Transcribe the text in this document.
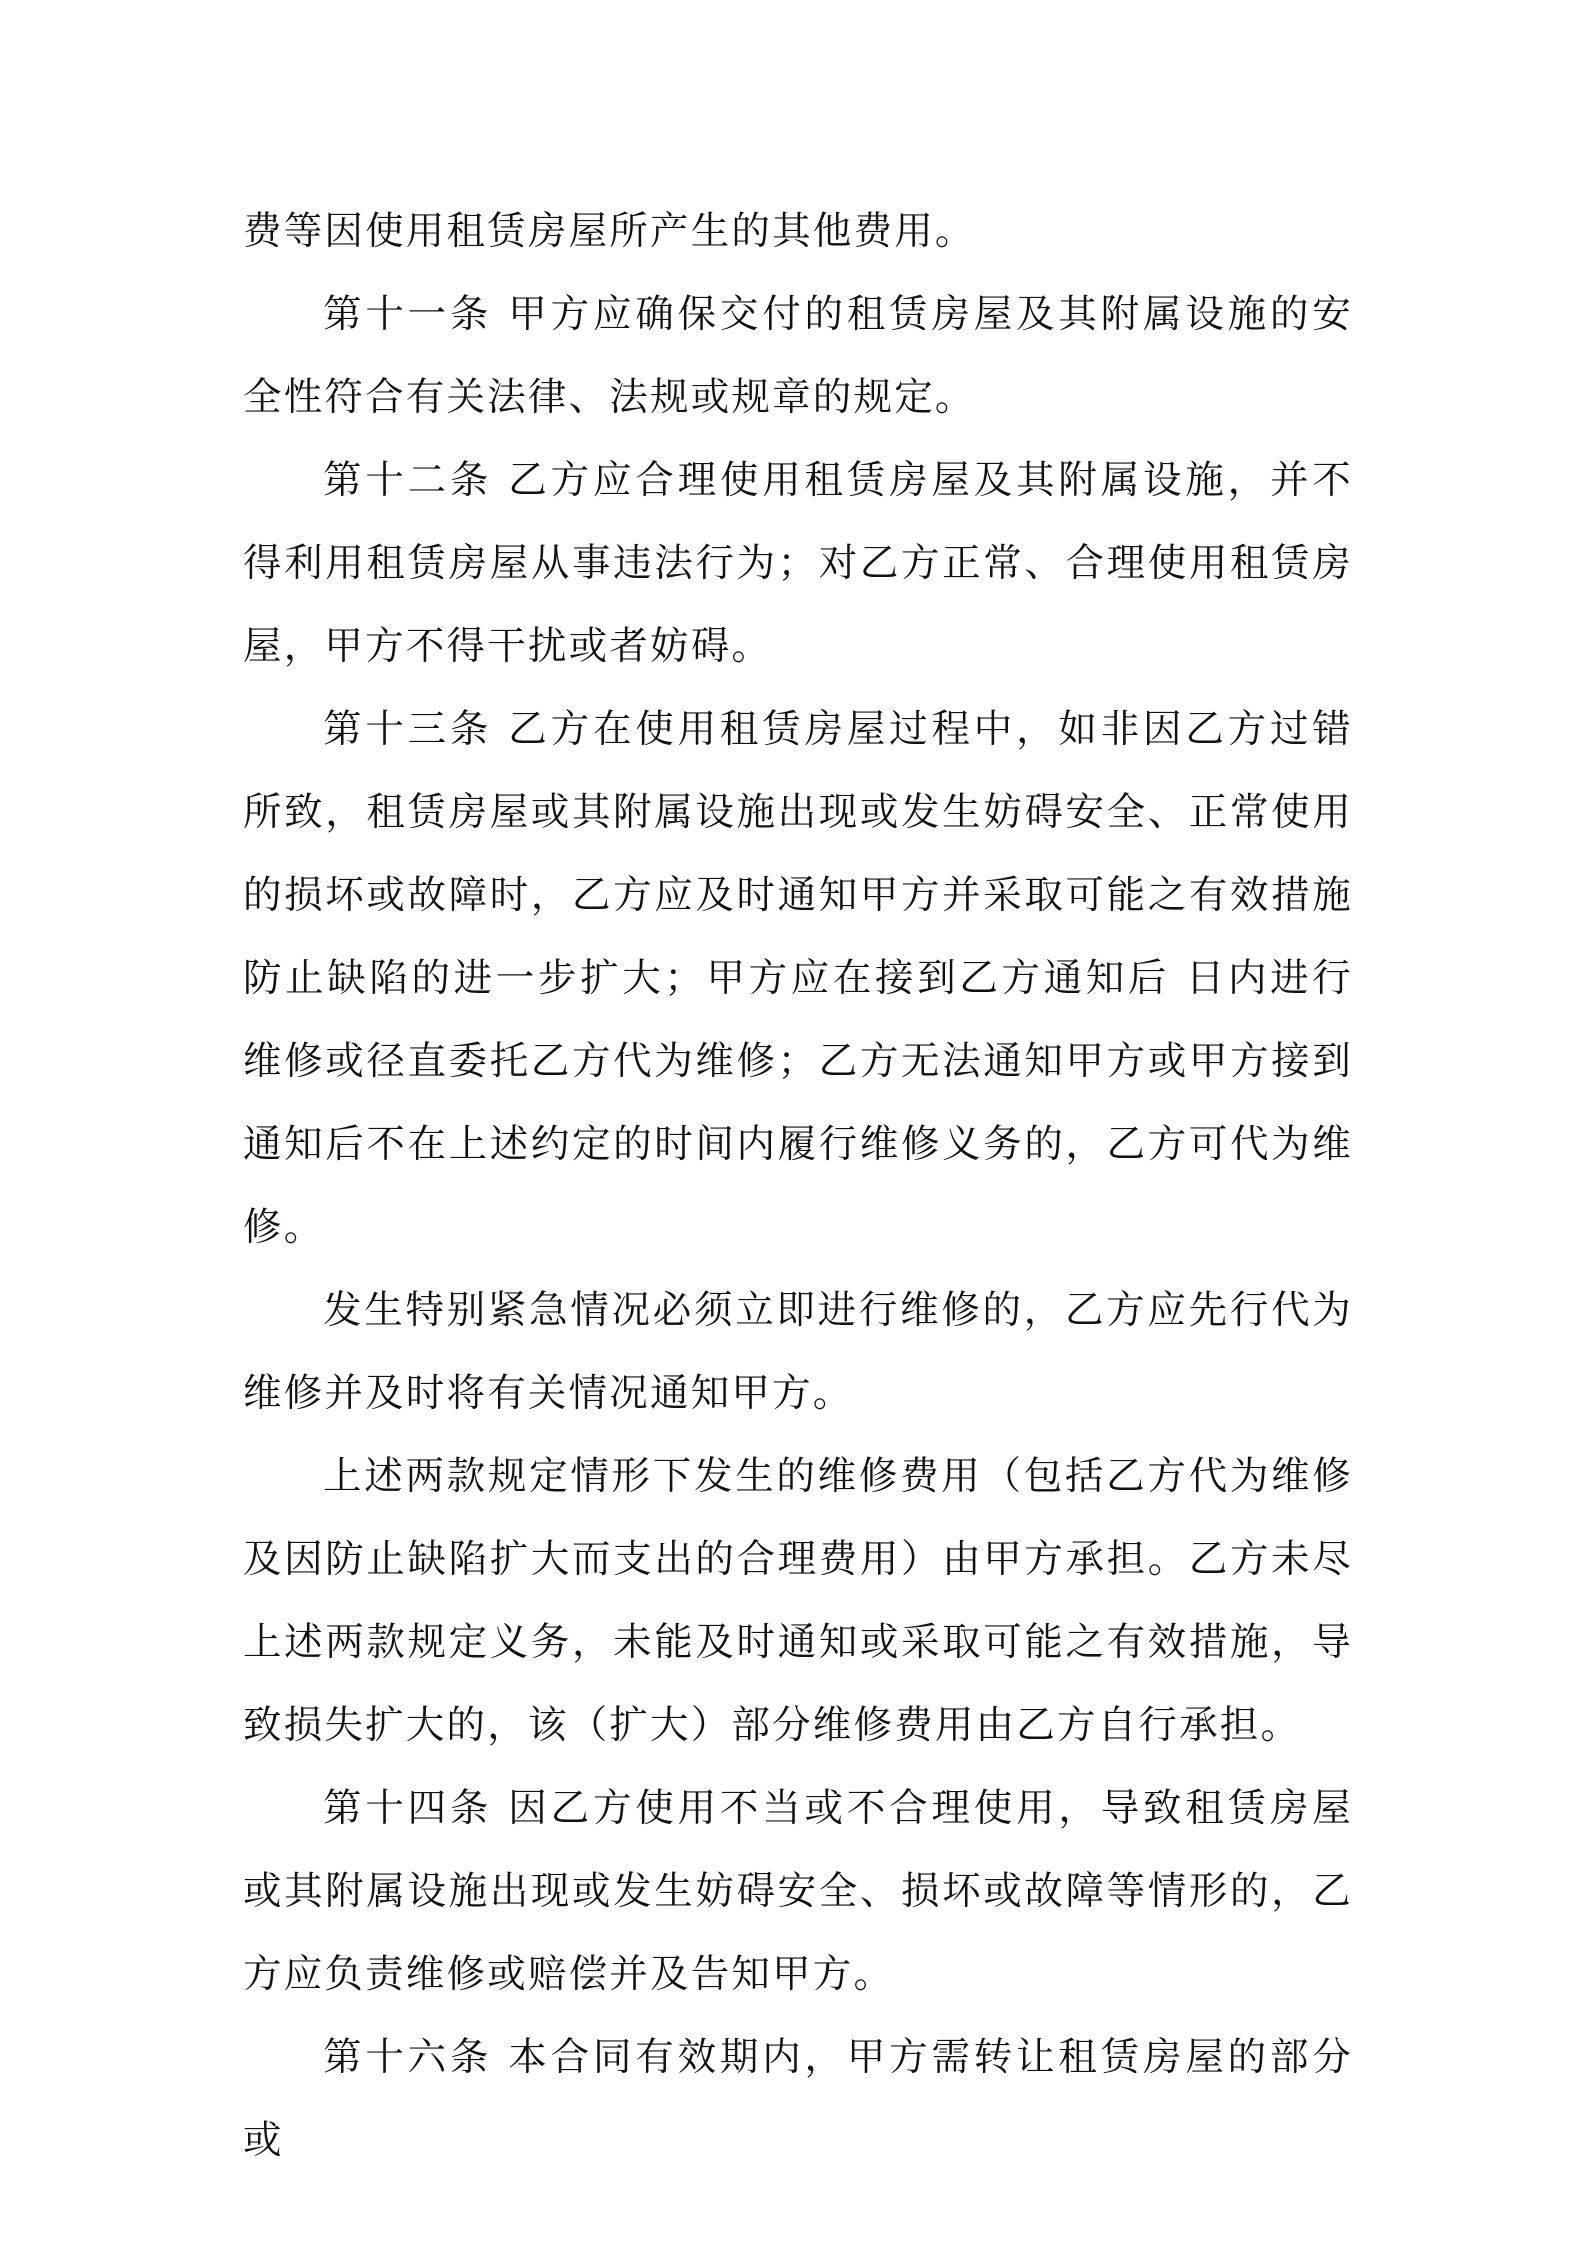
费等因使用租赁房屋所产生的其他费用。

第十一条 甲方应确保交付的租赁房屋及其附属设施的安全性符合有关法律、法规或规章的规定。

第十二条 乙方应合理使用租赁房屋及其附属设施，并不得利用租赁房屋从事违法行为；对乙方正常、合理使用租赁房屋，甲方不得干扰或者妨碍。

第十三条 乙方在使用租赁房屋过程中，如非因乙方过错所致，租赁房屋或其附属设施出现或发生妨碍安全、正常使用的损坏或故障时，乙方应及时通知甲方并采取可能之有效措施防止缺陷的进一步扩大；甲方应在接到乙方通知后 日内进行维修或径直委托乙方代为维修；乙方无法通知甲方或甲方接到通知后不在上述约定的时间内履行维修义务的，乙方可代为维修。

发生特别紧急情况必须立即进行维修的，乙方应先行代为维修并及时将有关情况通知甲方。

上述两款规定情形下发生的维修费用（包括乙方代为维修及因防止缺陷扩大而支出的合理费用）由甲方承担。乙方未尽上述两款规定义务，未能及时通知或采取可能之有效措施，导致损失扩大的，该（扩大）部分维修费用由乙方自行承担。

第十四条 因乙方使用不当或不合理使用，导致租赁房屋或其附属设施出现或发生妨碍安全、损坏或故障等情形的，乙方应负责维修或赔偿并及告知甲方。

第十六条 本合同有效期内，甲方需转让租赁房屋的部分或
